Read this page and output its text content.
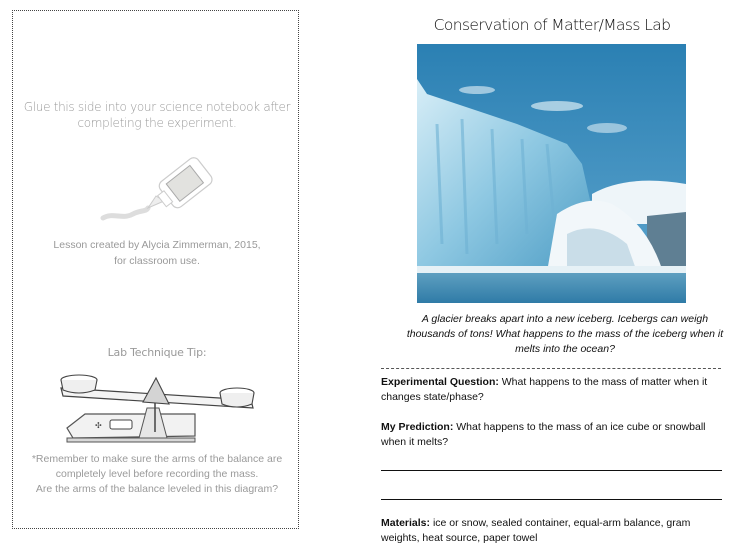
Glue this side into your science notebook after completing the experiment.
Lesson created by Alycia Zimmerman, 2015,
for classroom use.
Lab Technique Tip:
✣
*Remember to make sure the arms of the balance are
completely level before recording the mass.
Are the arms of the balance leveled in this diagram?
Conservation of Matter/Mass Lab
A glacier breaks apart into a new iceberg. Icebergs can weigh
thousands of tons! What happens to the mass of the iceberg when it
melts into the ocean?
Experimental Question: What happens to the mass of matter when it changes state/phase?
My Prediction: What happens to the mass of an ice cube or snowball when it melts?
Materials: ice or snow, sealed container, equal-arm balance, gram weights, heat source, paper towel
